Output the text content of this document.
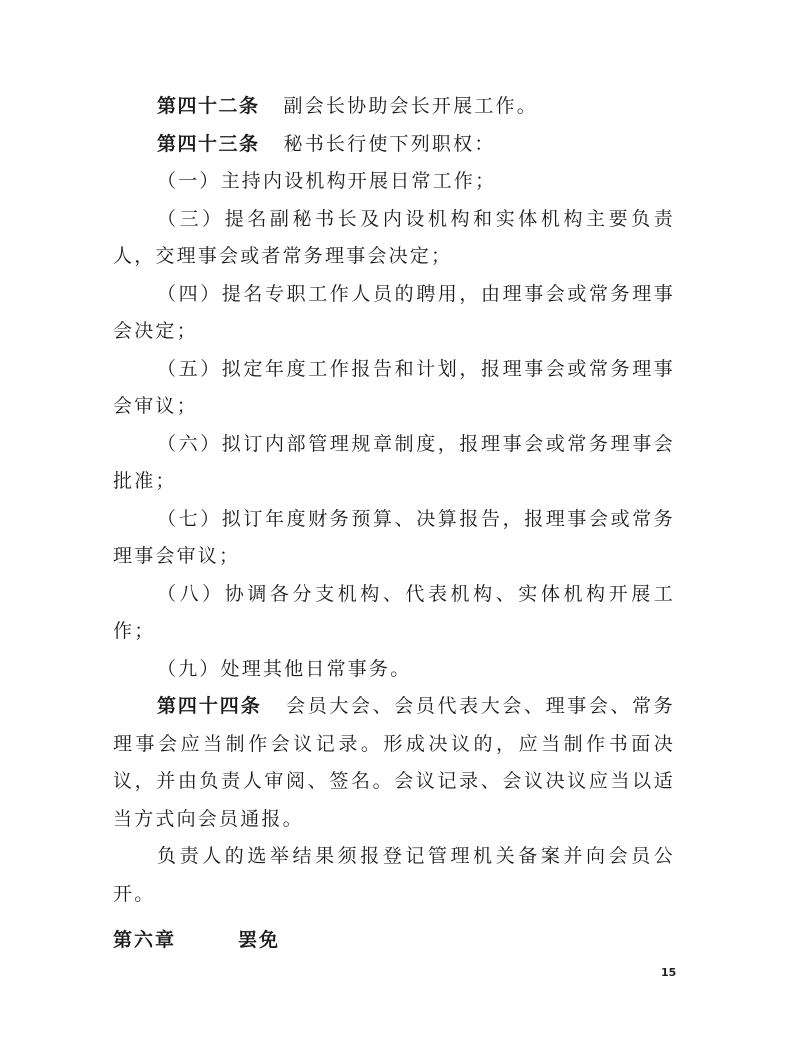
第四十二条 副会长协助会长开展工作。

第四十三条 秘书长行使下列职权：

（一）主持内设机构开展日常工作；

（三）提名副秘书长及内设机构和实体机构主要负责人，交理事会或者常务理事会决定；

（四）提名专职工作人员的聘用，由理事会或常务理事会决定；

（五）拟定年度工作报告和计划，报理事会或常务理事会审议；

（六）拟订内部管理规章制度，报理事会或常务理事会批准；

（七）拟订年度财务预算、决算报告，报理事会或常务理事会审议；

（八）协调各分支机构、代表机构、实体机构开展工作；

（九）处理其他日常事务。

第四十四条 会员大会、会员代表大会、理事会、常务理事会应当制作会议记录。形成决议的，应当制作书面决议，并由负责人审阅、签名。会议记录、会议决议应当以适当方式向会员通报。

负责人的选举结果须报登记管理机关备案并向会员公开。

第六章	罢免

15
